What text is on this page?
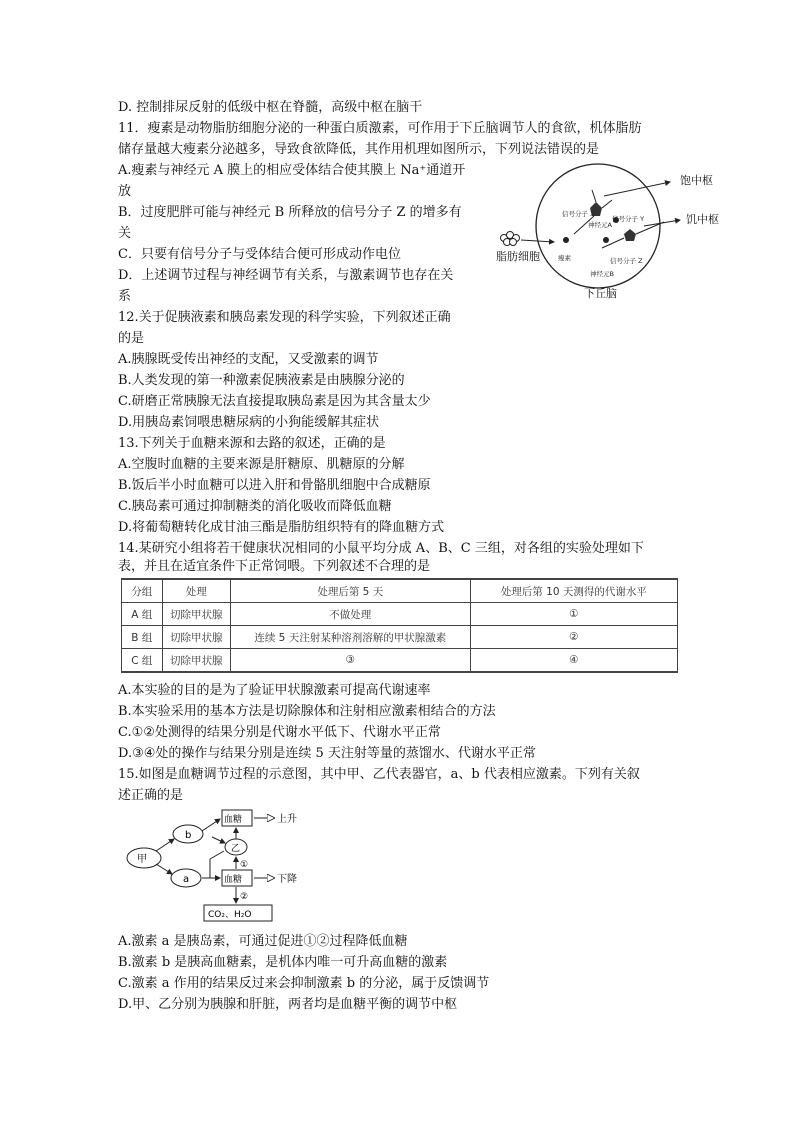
D. 控制排尿反射的低级中枢在脊髓，高级中枢在脑干
11．瘦素是动物脂肪细胞分泌的一种蛋白质激素，可作用于下丘脑调节人的食欲，机体脂肪
储存量越大瘦素分泌越多，导致食欲降低，其作用机理如图所示，下列说法错误的是
A.瘦素与神经元 A 膜上的相应受体结合使其膜上 Na⁺通道开
放
B．过度肥胖可能与神经元 B 所释放的信号分子 Z 的增多有
关
C．只要有信号分子与受体结合便可形成动作电位
D．上述调节过程与神经调节有关系，与激素调节也存在关
系
12.关于促胰液素和胰岛素发现的科学实验，下列叙述正确
的是
A.胰腺既受传出神经的支配，又受激素的调节
B.人类发现的第一种激素促胰液素是由胰腺分泌的
C.研磨正常胰腺无法直接提取胰岛素是因为其含量太少
D.用胰岛素饲喂患糖尿病的小狗能缓解其症状
13.下列关于血糖来源和去路的叙述，正确的是
A.空腹时血糖的主要来源是肝糖原、肌糖原的分解
B.饭后半小时血糖可以进入肝和骨骼肌细胞中合成糖原
C.胰岛素可通过抑制糖类的消化吸收而降低血糖
D.将葡萄糖转化成甘油三酯是脂肪组织特有的降血糖方式
14.某研究小组将若干健康状况相同的小鼠平均分成 A、B、C 三组，对各组的实验处理如下
表，并且在适宜条件下正常饲喂。下列叙述不合理的是
分组	处理	处理后第 5 天	处理后第 10 天测得的代谢水平
A 组	切除甲状腺	不做处理	①
B 组	切除甲状腺	连续 5 天注射某种溶剂溶解的甲状腺激素	②
C 组	切除甲状腺	③	④
A.本实验的目的是为了验证甲状腺激素可提高代谢速率
B.本实验采用的基本方法是切除腺体和注射相应激素相结合的方法
C.①②处测得的结果分别是代谢水平低下、代谢水平正常
D.③④处的操作与结果分别是连续 5 天注射等量的蒸馏水、代谢水平正常
15.如图是血糖调节过程的示意图，其中甲、乙代表器官，a、b 代表相应激素。下列有关叙
述正确的是
A.激素 a 是胰岛素，可通过促进①②过程降低血糖
B.激素 b 是胰高血糖素，是机体内唯一可升高血糖的激素
C.激素 a 作用的结果反过来会抑制激素 b 的分泌，属于反馈调节
D.甲、乙分别为胰腺和肝脏，两者均是血糖平衡的调节中枢
信号分子 X
信号分子 Y
信号分子 Z
神经元A
神经元B
瘦素
饱中枢
饥中枢
脂肪细胞
下丘脑
甲
b
a
血糖	上升
乙
①
血糖	下降
②
CO₂、H₂O
